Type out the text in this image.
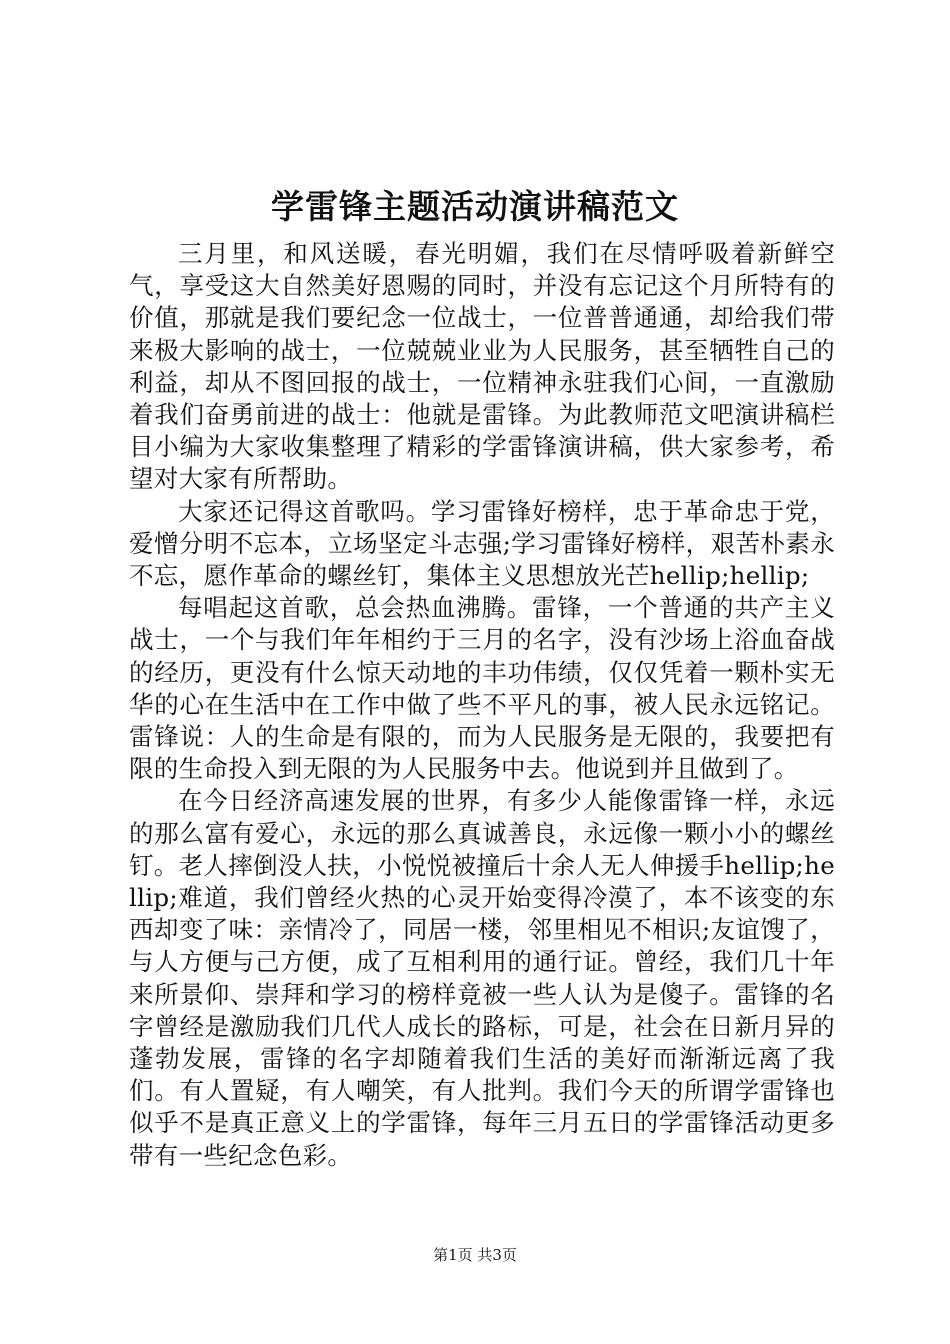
学雷锋主题活动演讲稿范文

三月里，和风送暖，春光明媚，我们在尽情呼吸着新鲜空气，享受这大自然美好恩赐的同时，并没有忘记这个月所特有的价值，那就是我们要纪念一位战士，一位普普通通，却给我们带来极大影响的战士，一位兢兢业业为人民服务，甚至牺牲自己的利益，却从不图回报的战士，一位精神永驻我们心间，一直激励着我们奋勇前进的战士：他就是雷锋。为此教师范文吧演讲稿栏目小编为大家收集整理了精彩的学雷锋演讲稿，供大家参考，希望对大家有所帮助。

大家还记得这首歌吗。学习雷锋好榜样，忠于革命忠于党，爱憎分明不忘本，立场坚定斗志强;学习雷锋好榜样，艰苦朴素永不忘，愿作革命的螺丝钉，集体主义思想放光芒hellip;hellip;

每唱起这首歌，总会热血沸腾。雷锋，一个普通的共产主义战士，一个与我们年年相约于三月的名字，没有沙场上浴血奋战的经历，更没有什么惊天动地的丰功伟绩，仅仅凭着一颗朴实无华的心在生活中在工作中做了些不平凡的事，被人民永远铭记。雷锋说：人的生命是有限的，而为人民服务是无限的，我要把有限的生命投入到无限的为人民服务中去。他说到并且做到了。

在今日经济高速发展的世界，有多少人能像雷锋一样，永远的那么富有爱心，永远的那么真诚善良，永远像一颗小小的螺丝钉。老人摔倒没人扶，小悦悦被撞后十余人无人伸援手hellip;hellip;难道，我们曾经火热的心灵开始变得冷漠了，本不该变的东西却变了味：亲情冷了，同居一楼，邻里相见不相识;友谊馊了，与人方便与己方便，成了互相利用的通行证。曾经，我们几十年来所景仰、崇拜和学习的榜样竟被一些人认为是傻子。雷锋的名字曾经是激励我们几代人成长的路标，可是，社会在日新月异的蓬勃发展，雷锋的名字却随着我们生活的美好而渐渐远离了我们。有人置疑，有人嘲笑，有人批判。我们今天的所谓学雷锋也似乎不是真正意义上的学雷锋，每年三月五日的学雷锋活动更多带有一些纪念色彩。

第1页 共3页
